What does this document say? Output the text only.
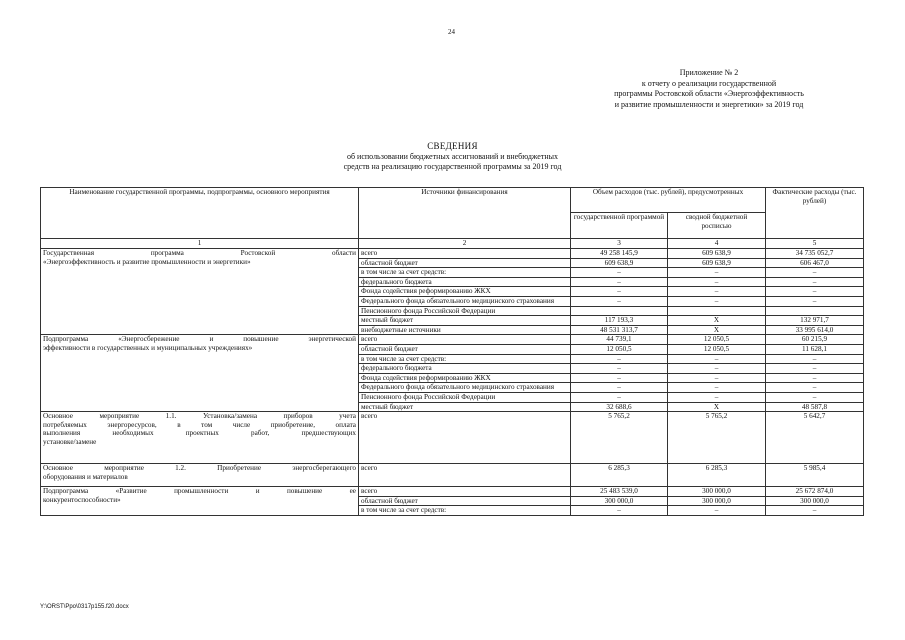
24
Приложение № 2
к отчету о реализации государственной
программы Ростовской области «Энергоэффективность
и развитие промышленности и энергетики» за 2019 год
СВЕДЕНИЯ
об использовании бюджетных ассигнований и внебюджетных
средств на реализацию государственной программы за 2019 год
Наименование государственной программы, подпрограммы, основного мероприятия	Источники финансирования	Объем расходов (тыс. рублей), предусмотренных		Фактические расходы (тыс. рублей)
		государственной программой	сводной бюджетной росписью	
1	2	3	4	5

Государственная программа Ростовской области
«Энергоэффективность и развитие промышленности и энергетики»	всего	49 258 145,9	609 638,9	34 735 052,7
	областной бюджет	609 638,9	609 638,9	606 467,0
	в том числе за счет средств:	–	–	–
	федерального бюджета	–	–	–
	Фонда содействия реформированию ЖКХ	–	–	–
	Федерального фонда обязательного медицинского страхования	–	–	–
	Пенсионного фонда Российской Федерации			
	местный бюджет	117 193,3	X	132 971,7
	внебюджетные источники	48 531 313,7	X	33 995 614,0

Подпрограмма «Энергосбережение и повышение энергетической
эффективности в государственных и муниципальных учреждениях»	всего	44 739,1	12 050,5	60 215,9
	областной бюджет	12 050,5	12 050,5	11 628,1
	в том числе за счет средств:	–	–	–
	федерального бюджета	–	–	–
	Фонда содействия реформированию ЖКХ	–	–	–
	Федерального фонда обязательного медицинского страхования	–	–	–
	Пенсионного фонда Российской Федерации	–	–	–
	местный бюджет	32 688,6	X	48 587,8

Основное мероприятие 1.1. Установка/замена приборов учета
потребляемых энергоресурсов, в том числе приобретение, оплата
выполнения необходимых проектных работ, предшествующих
установке/замене	всего	5 765,2	5 765,2	5 642,7

Основное мероприятие 1.2. Приобретение энергосберегающего
оборудования и материалов	всего	6 285,3	6 285,3	5 985,4

Подпрограмма «Развитие промышленности и повышение ее
конкурентоспособности»	всего	25 483 539,0	300 000,0	25 672 874,0
	областной бюджет	300 000,0	300 000,0	300 000,0
	в том числе за счет средств:	–	–	–
Y:\ORST\Ppo\0317p155.f20.docx
